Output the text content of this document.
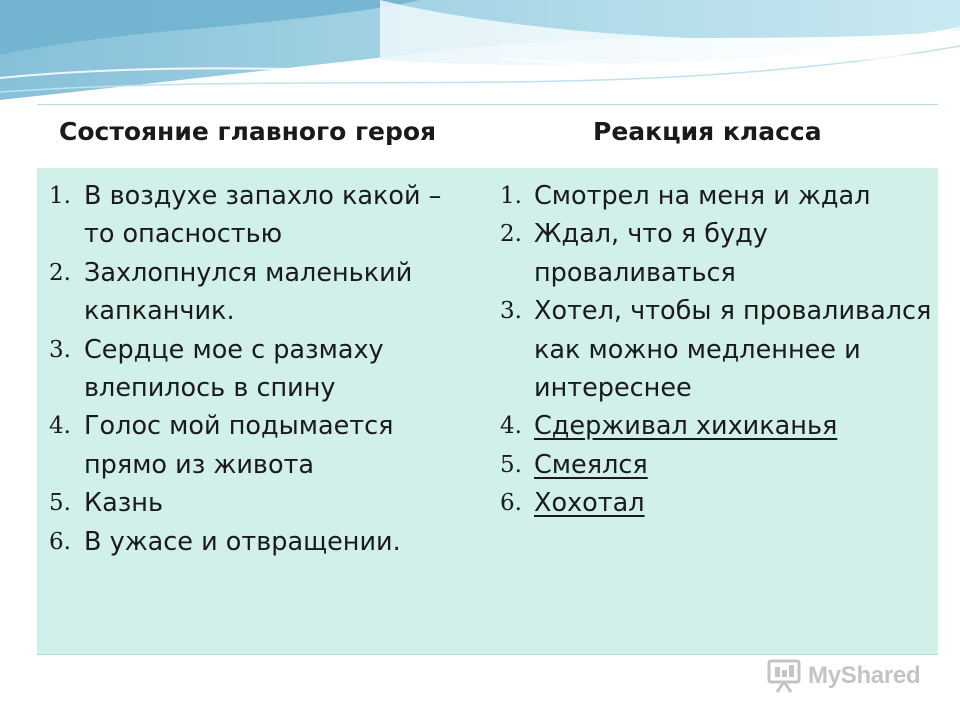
Состояние главного героя	Реакция класса
1. В воздухе запахло какой – то опасностью
2. Захлопнулся маленький капканчик.
3. Сердце мое с размаху влепилось в спину
4. Голос мой подымается прямо из живота
5. Казнь
6. В ужасе и отвращении.
1. Смотрел на меня и ждал
2. Ждал, что я буду проваливаться
3. Хотел, чтобы я проваливался как можно медленнее и интереснее
4. Сдерживал хихиканья
5. Смеялся
6. Хохотал
MyShared
